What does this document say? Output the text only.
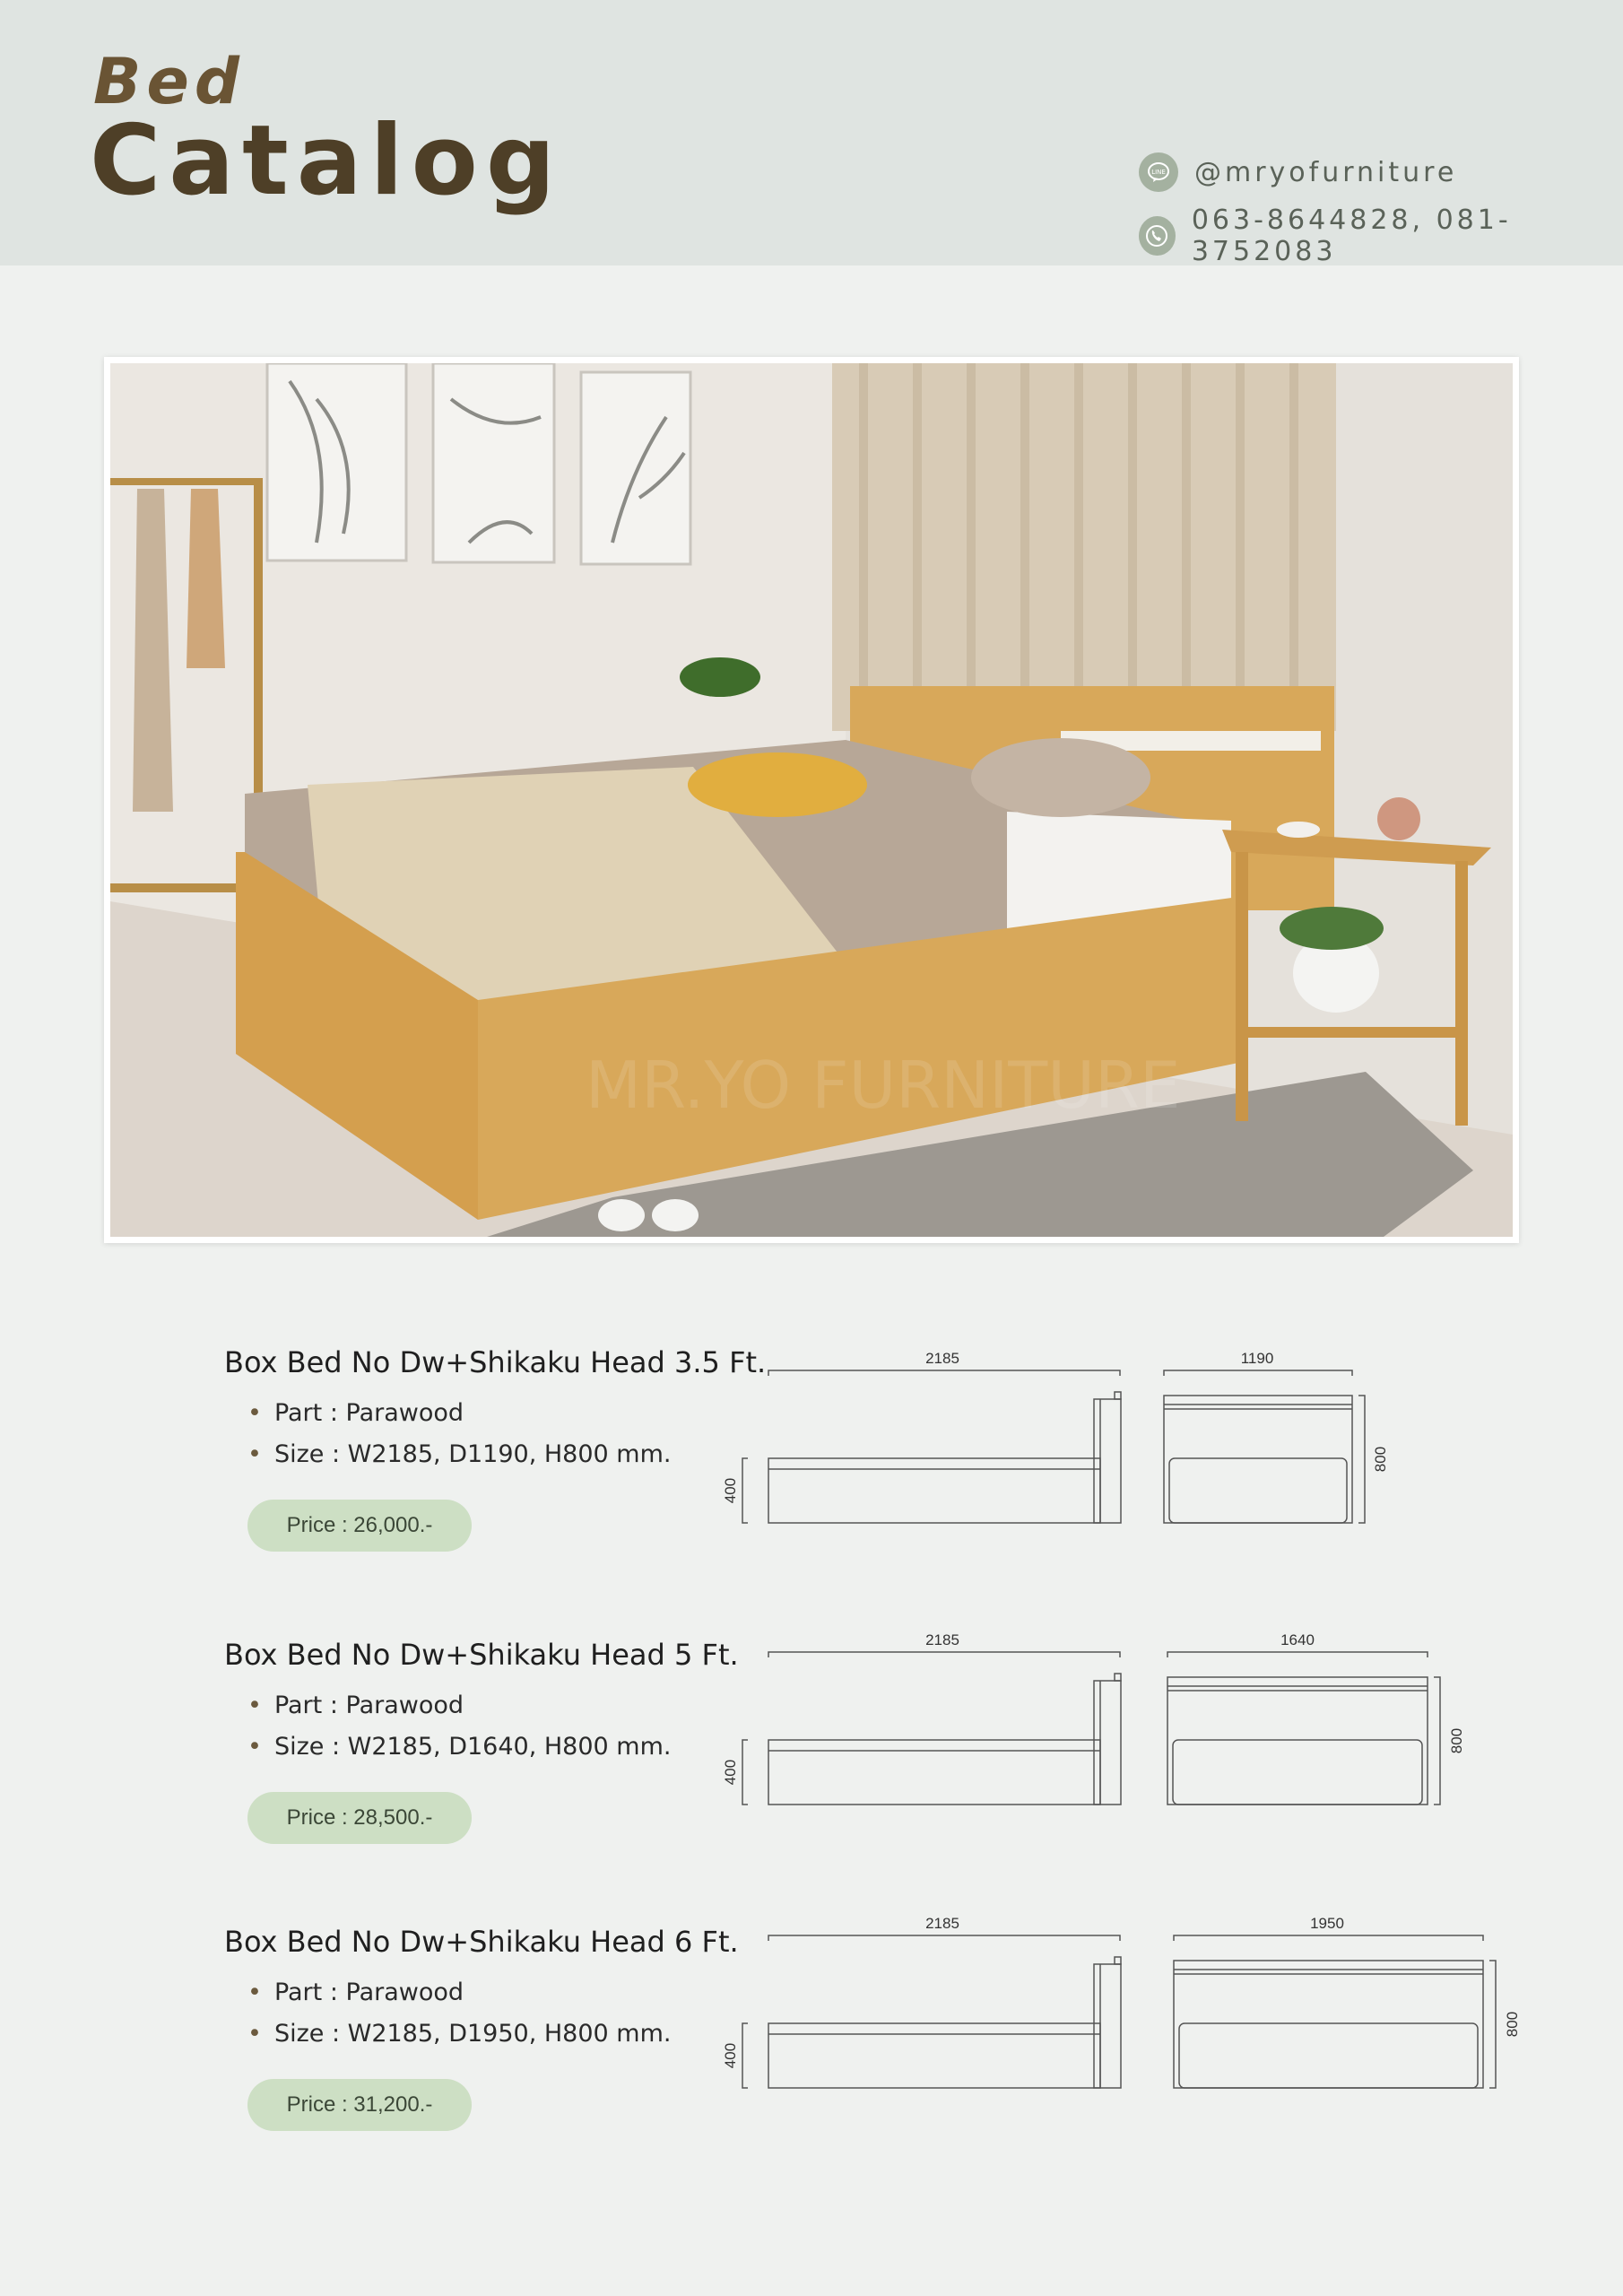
Bed
Catalog	LINE @mryofurniture
063-8644828, 081-3752083
MR.YO FURNITURE
Box Bed No Dw+Shikaku Head 3.5 Ft.
• Part : Parawood
• Size : W2185, D1190, H800 mm.
Price : 26,000.-
2185
400
1190
800
Box Bed No Dw+Shikaku Head 5 Ft.
• Part : Parawood
• Size : W2185, D1640, H800 mm.
Price : 28,500.-
2185
400
1640
800
Box Bed No Dw+Shikaku Head 6 Ft.
• Part : Parawood
• Size : W2185, D1950, H800 mm.
Price : 31,200.-
2185
400
1950
800
